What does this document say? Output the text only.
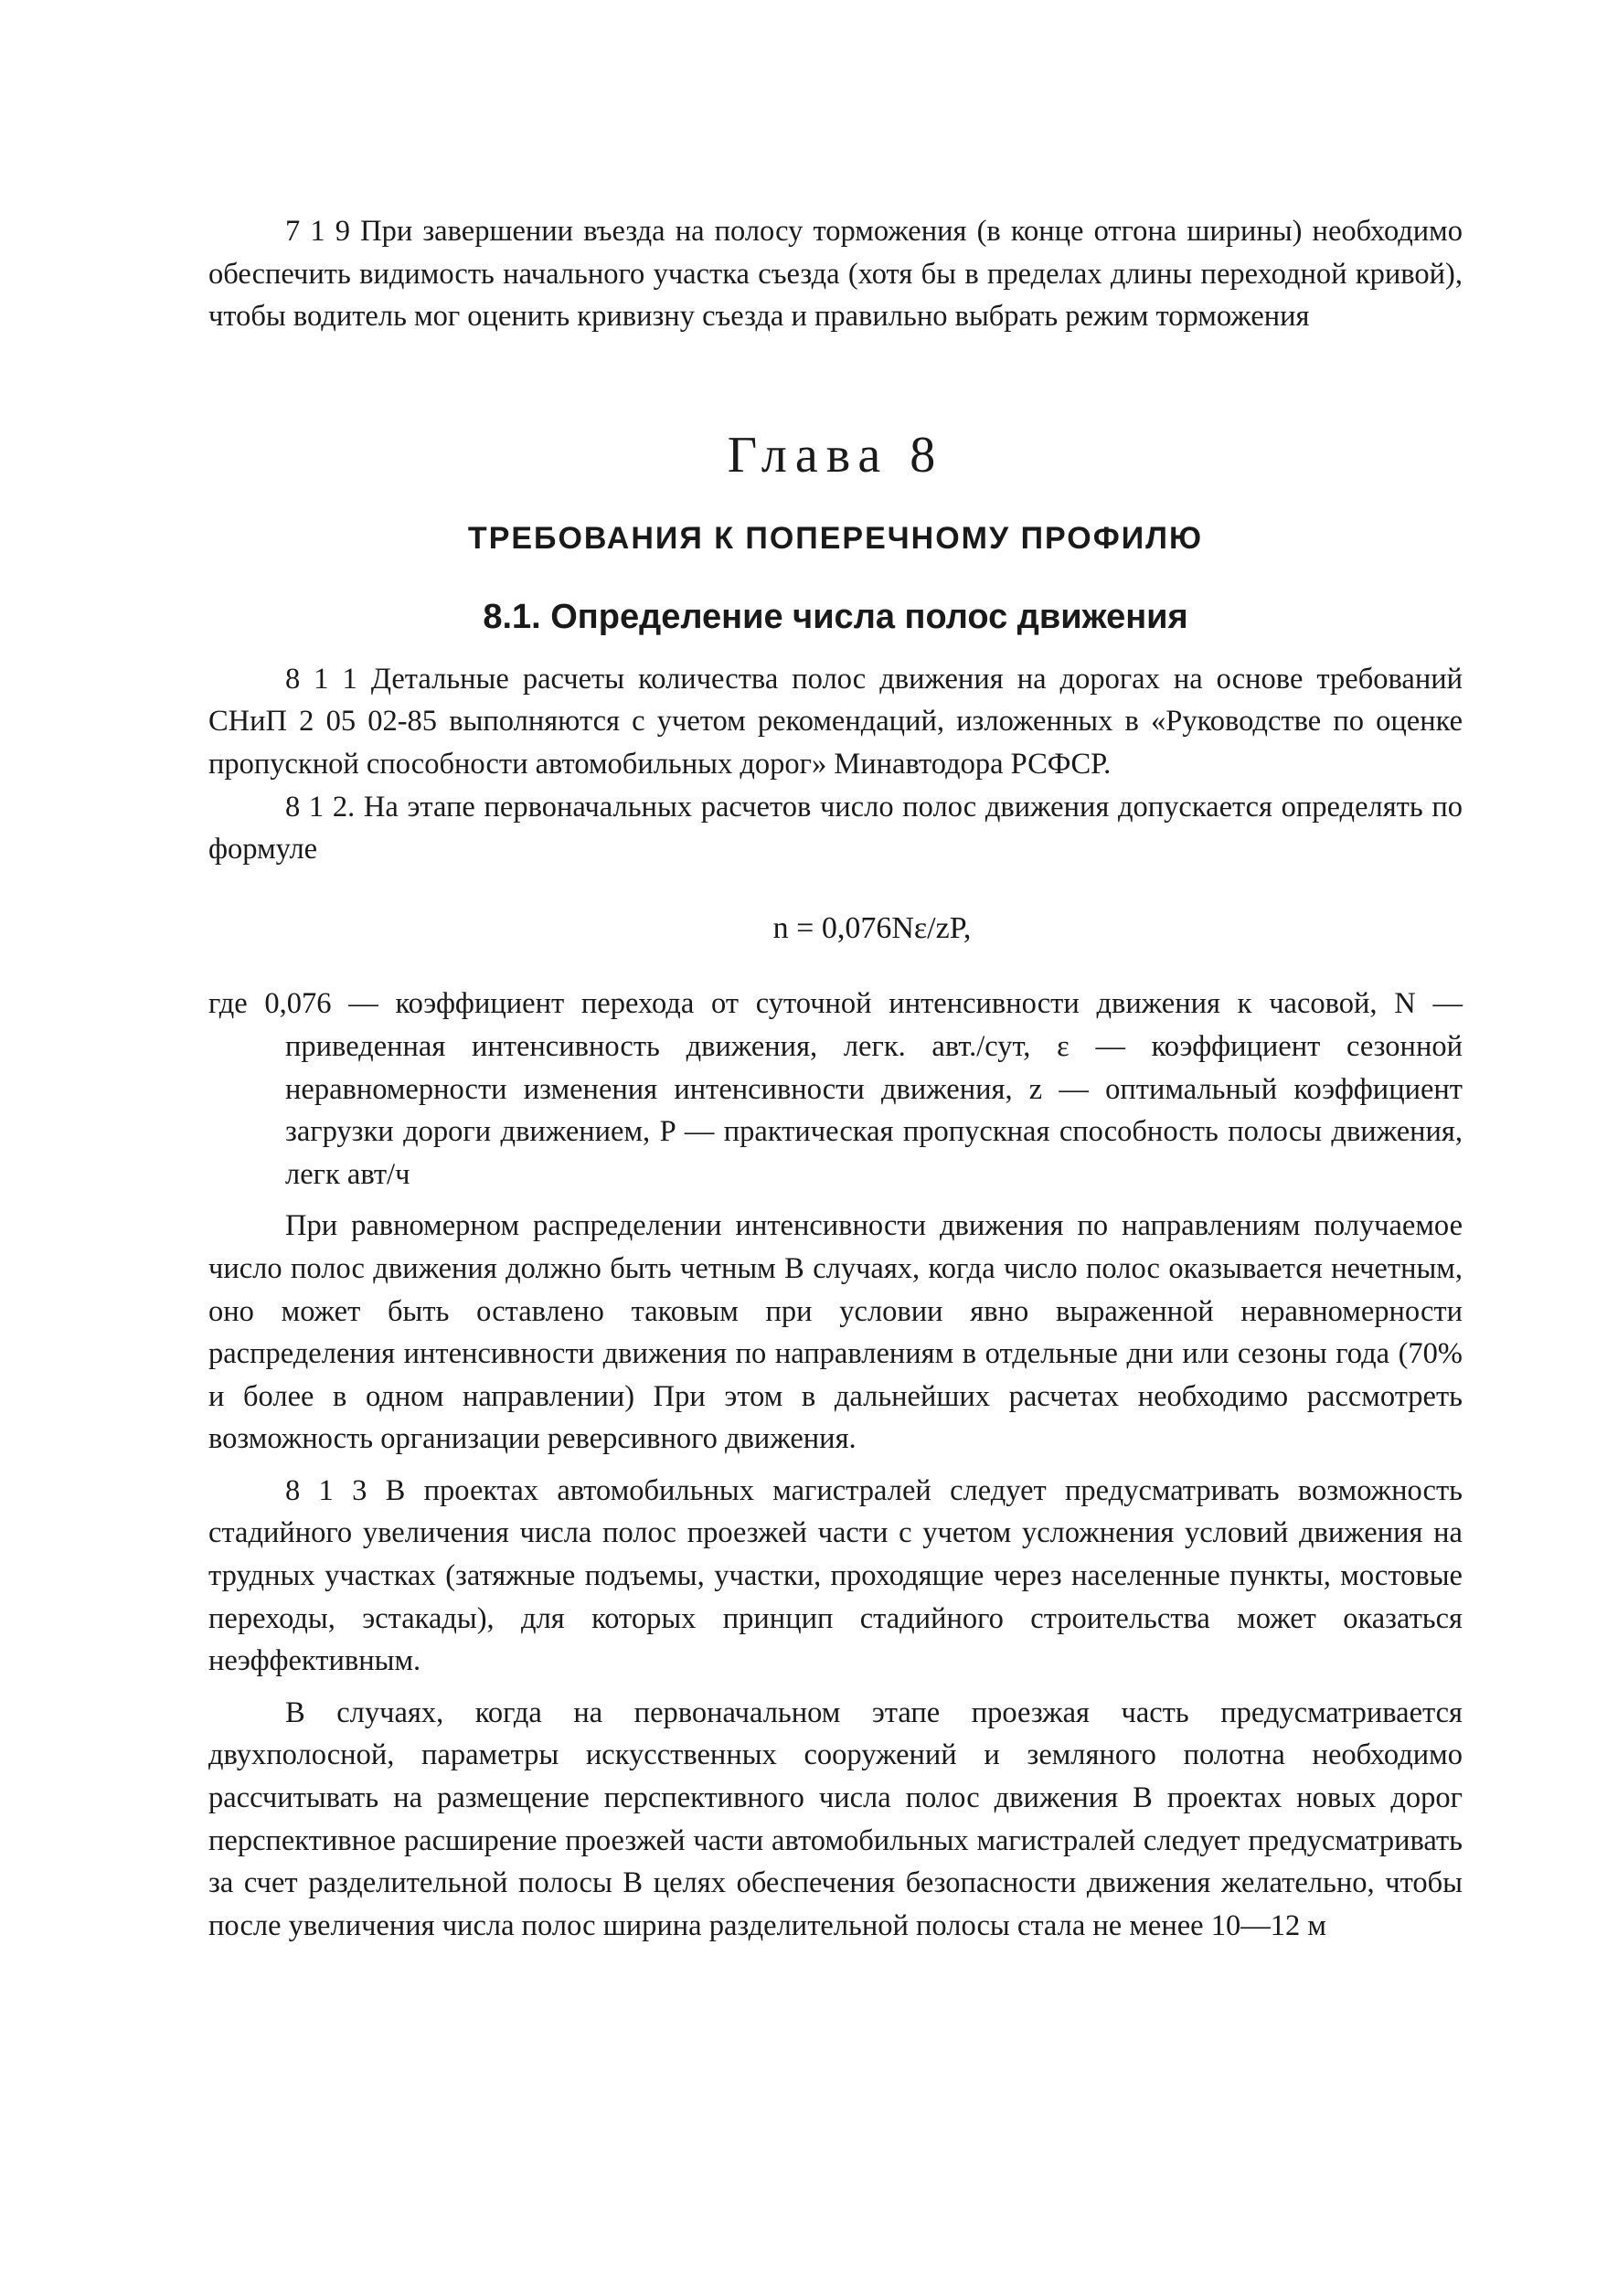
7 1 9 При завершении въезда на полосу торможения (в конце отгона ширины) необходимо обеспечить видимость начального участка съезда (хотя бы в пределах длины переходной кривой), чтобы водитель мог оценить кривизну съезда и правильно выбрать режим торможения

Глава 8
ТРЕБОВАНИЯ К ПОПЕРЕЧНОМУ ПРОФИЛЮ
8.1. Определение числа полос движения

8 1 1 Детальные расчеты количества полос движения на дорогах на основе требований СНиП 2 05 02-85 выполняются с учетом рекомендаций, изложенных в «Руководстве по оценке пропускной способности автомобильных дорог» Минавтодора РСФСР.

8 1 2. На этапе первоначальных расчетов число полос движения допускается определять по формуле

n = 0,076Nε/zP,

где 0,076 — коэффициент перехода от суточной интенсивности движения к часовой, N — приведенная интенсивность движения, легк. авт./сут, ε — коэффициент сезонной неравномерности изменения интенсивности движения, z — оптимальный коэффициент загрузки дороги движением, P — практическая пропускная способность полосы движения, легк авт/ч

При равномерном распределении интенсивности движения по направлениям получаемое число полос движения должно быть четным В случаях, когда число полос оказывается нечетным, оно может быть оставлено таковым при условии явно выраженной неравномерности распределения интенсивности движения по направлениям в отдельные дни или сезоны года (70% и более в одном направлении) При этом в дальнейших расчетах необходимо рассмотреть возможность организации реверсивного движения.

8 1 3 В проектах автомобильных магистралей следует предусматривать возможность стадийного увеличения числа полос проезжей части с учетом усложнения условий движения на трудных участках (затяжные подъемы, участки, проходящие через населенные пункты, мостовые переходы, эстакады), для которых принцип стадийного строительства может оказаться неэффективным.

В случаях, когда на первоначальном этапе проезжая часть предусматривается двухполосной, параметры искусственных сооружений и земляного полотна необходимо рассчитывать на размещение перспективного числа полос движения В проектах новых дорог перспективное расширение проезжей части автомобильных магистралей следует предусматривать за счет разделительной полосы В целях обеспечения безопасности движения желательно, чтобы после увеличения числа полос ширина разделительной полосы стала не менее 10—12 м
